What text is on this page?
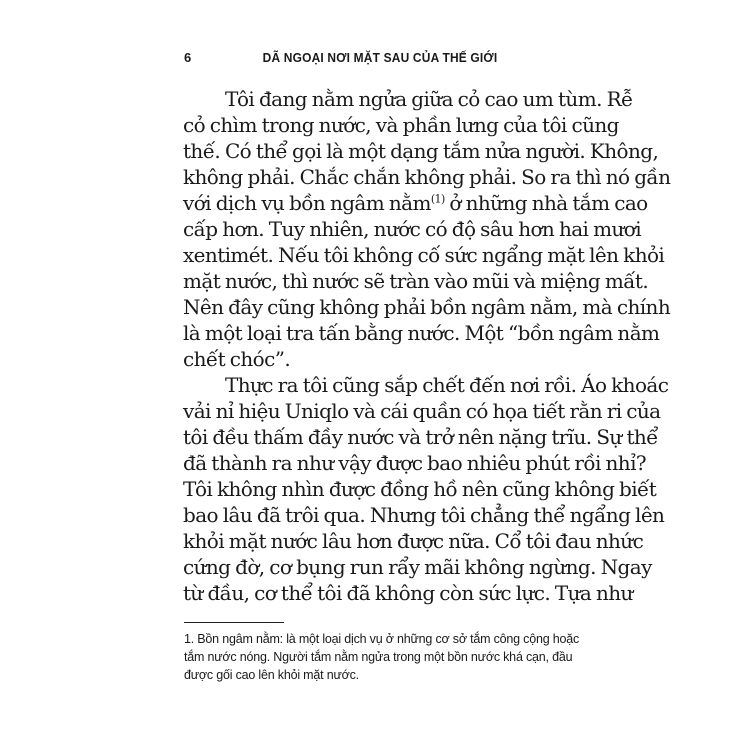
6	DÃ NGOẠI NƠI MẶT SAU CỦA THẾ GIỚI
Tôi đang nằm ngửa giữa cỏ cao um tùm. Rễ
cỏ chìm trong nước, và phần lưng của tôi cũng
thế. Có thể gọi là một dạng tắm nửa người. Không,
không phải. Chắc chắn không phải. So ra thì nó gần
với dịch vụ bồn ngâm nằm$^{(1)}$ ở những nhà tắm cao
cấp hơn. Tuy nhiên, nước có độ sâu hơn hai mươi
xentimét. Nếu tôi không cố sức ngẩng mặt lên khỏi
mặt nước, thì nước sẽ tràn vào mũi và miệng mất.
Nên đây cũng không phải bồn ngâm nằm, mà chính
là một loại tra tấn bằng nước. Một “bồn ngâm nằm
chết chóc”.
Thực ra tôi cũng sắp chết đến nơi rồi. Áo khoác
vải nỉ hiệu Uniqlo và cái quần có họa tiết rằn ri của
tôi đều thấm đầy nước và trở nên nặng trĩu. Sự thể
đã thành ra như vậy được bao nhiêu phút rồi nhỉ?
Tôi không nhìn được đồng hồ nên cũng không biết
bao lâu đã trôi qua. Nhưng tôi chẳng thể ngẩng lên
khỏi mặt nước lâu hơn được nữa. Cổ tôi đau nhức
cứng đờ, cơ bụng run rẩy mãi không ngừng. Ngay
từ đầu, cơ thể tôi đã không còn sức lực. Tựa như
1. Bồn ngâm nằm: là một loại dịch vụ ở những cơ sở tắm công cộng hoặc
tắm nước nóng. Người tắm nằm ngửa trong một bồn nước khá cạn, đầu
được gối cao lên khỏi mặt nước.
